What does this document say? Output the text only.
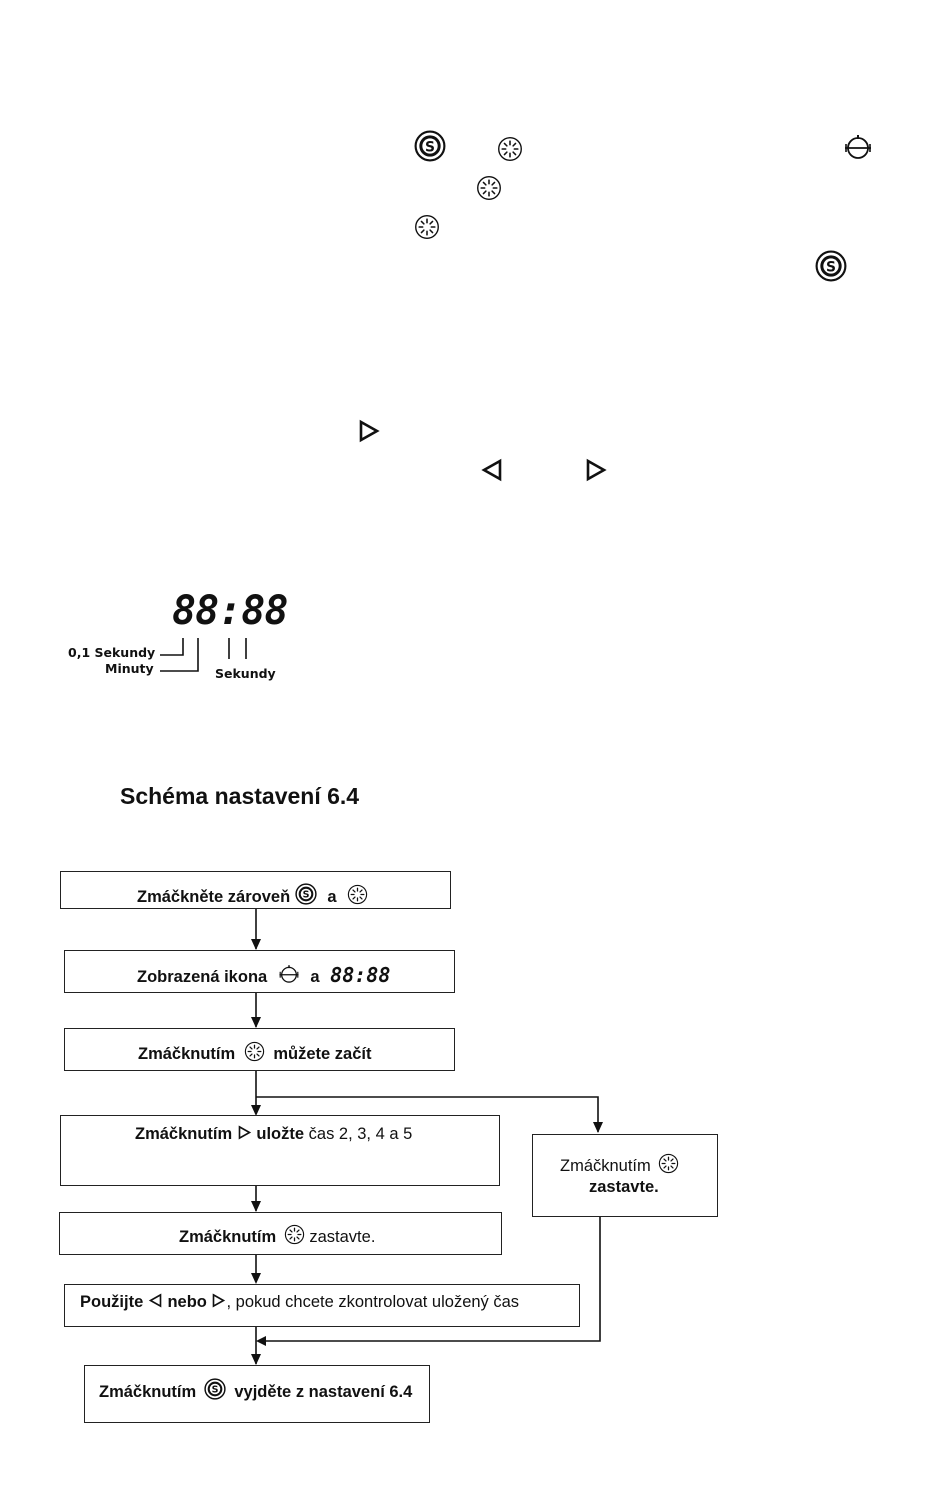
88:88
0,1 Sekundy
Minuty	Sekundy
Schéma nastavení 6.4
Zmáčkněte zároveň a
Zobrazená ikona	a 88:88
Zmáčknutím můžete začít
Zmáčknutím uložte čas 2, 3, 4 a 5
Zmáčknutím
zastavte.
Zmáčknutím zastavte.
Použijte nebo , pokud chcete zkontrolovat uložený čas
Zmáčknutím vyjděte z nastavení 6.4
